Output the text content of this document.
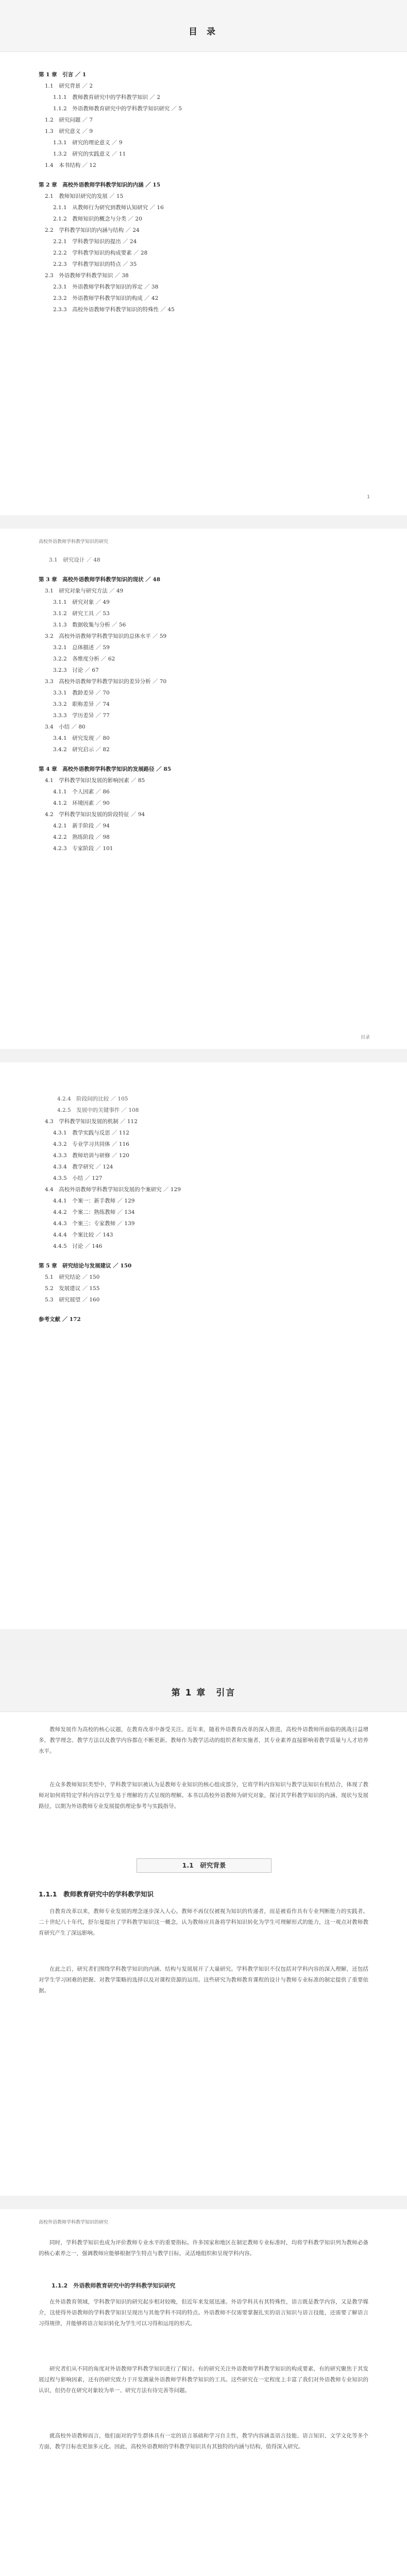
目 录
第 1 章　引言 ／ 1
1.1　研究背景 ／ 2
1.1.1　教师教育研究中的学科教学知识 ／ 2
1.1.2　外语教师教育研究中的学科教学知识研究 ／ 5
1.2　研究问题 ／ 7
1.3　研究意义 ／ 9
1.3.1　研究的理论意义 ／ 9
1.3.2　研究的实践意义 ／ 11
1.4　本书结构 ／ 12
第 2 章　高校外语教师学科教学知识的内涵 ／ 15
2.1　教师知识研究的发展 ／ 15
2.1.1　从教师行为研究到教师认知研究 ／ 16
2.1.2　教师知识的概念与分类 ／ 20
2.2　学科教学知识的内涵与结构 ／ 24
2.2.1　学科教学知识的提出 ／ 24
2.2.2　学科教学知识的构成要素 ／ 28
2.2.3　学科教学知识的特点 ／ 35
2.3　外语教师学科教学知识 ／ 38
2.3.1　外语教师学科教学知识的界定 ／ 38
2.3.2　外语教师学科教学知识的构成 ／ 42
2.3.3　高校外语教师学科教学知识的特殊性 ／ 45
1
高校外语教师学科教学知识的研究
3.1　研究设计 ／ 48
第 3 章　高校外语教师学科教学知识的现状 ／ 48
3.1　研究对象与研究方法 ／ 49
3.1.1　研究对象 ／ 49
3.1.2　研究工具 ／ 53
3.1.3　数据收集与分析 ／ 56
3.2　高校外语教师学科教学知识的总体水平 ／ 59
3.2.1　总体描述 ／ 59
3.2.2　各维度分析 ／ 62
3.2.3　讨论 ／ 67
3.3　高校外语教师学科教学知识的差异分析 ／ 70
3.3.1　教龄差异 ／ 70
3.3.2　职称差异 ／ 74
3.3.3　学历差异 ／ 77
3.4　小结 ／ 80
3.4.1　研究发现 ／ 80
3.4.2　研究启示 ／ 82
第 4 章　高校外语教师学科教学知识的发展路径 ／ 85
4.1　学科教学知识发展的影响因素 ／ 85
4.1.1　个人因素 ／ 86
4.1.2　环境因素 ／ 90
4.2　学科教学知识发展的阶段特征 ／ 94
4.2.1　新手阶段 ／ 94
4.2.2　熟练阶段 ／ 98
4.2.3　专家阶段 ／ 101
目录
4.2.4　阶段间的比较 ／ 105
4.2.5　发展中的关键事件 ／ 108
4.3　学科教学知识发展的机制 ／ 112
4.3.1　教学实践与反思 ／ 112
4.3.2　专业学习共同体 ／ 116
4.3.3　教师培训与研修 ／ 120
4.3.4　教学研究 ／ 124
4.3.5　小结 ／ 127
4.4　高校外语教师学科教学知识发展的个案研究 ／ 129
4.4.1　个案一：新手教师 ／ 129
4.4.2　个案二：熟练教师 ／ 134
4.4.3　个案三：专家教师 ／ 139
4.4.4　个案比较 ／ 143
4.4.5　讨论 ／ 146
第 5 章　研究结论与发展建议 ／ 150
5.1　研究结论 ／ 150
5.2　发展建议 ／ 155
5.3　研究展望 ／ 160
参考文献 ／ 172
第 1 章　引言
教师发展作为高校的核心议题，在教育改革中备受关注。近年来，随着外语教育改革的深入推进，高校外语教师所面临的挑战日益增多，教学理念、教学方法以及教学内容都在不断更新。教师作为教学活动的组织者和实施者，其专业素养直接影响着教学质量与人才培养水平。
在众多教师知识类型中，学科教学知识被认为是教师专业知识的核心组成部分，它将学科内容知识与教学法知识有机结合，体现了教师对如何将特定学科内容以学生易于理解的方式呈现的理解。本书以高校外语教师为研究对象，探讨其学科教学知识的内涵、现状与发展路径，以期为外语教师专业发展提供理论参考与实践指导。
1.1　研究背景
1.1.1　教师教育研究中的学科教学知识
自教育改革以来，教师专业发展的理念逐步深入人心。教师不再仅仅被视为知识的传递者，而是被看作具有专业判断能力的实践者。二十世纪八十年代，舒尔曼提出了学科教学知识这一概念，认为教师应具备将学科知识转化为学生可理解形式的能力，这一观点对教师教育研究产生了深远影响。
在此之后，研究者们围绕学科教学知识的内涵、结构与发展展开了大量研究。学科教学知识不仅包括对学科内容的深入理解，还包括对学生学习困难的把握、对教学策略的选择以及对课程资源的运用。这些研究为教师教育课程的设计与教师专业标准的制定提供了重要依据。
高校外语教师学科教学知识的研究
同时，学科教学知识也成为评价教师专业水平的重要指标。许多国家和地区在制定教师专业标准时，均将学科教学知识列为教师必备的核心素养之一，强调教师应能够根据学生特点与教学目标，灵活地组织和呈现学科内容。
1.1.2　外语教师教育研究中的学科教学知识研究
在外语教育领域，学科教学知识的研究起步相对较晚，但近年来发展迅速。外语学科具有其特殊性，语言既是教学内容，又是教学媒介，这使得外语教师的学科教学知识呈现出与其他学科不同的特点。外语教师不仅需要掌握扎实的语言知识与语言技能，还需要了解语言习得规律，并能够将语言知识转化为学生可以习得和运用的形式。
研究者们从不同的角度对外语教师学科教学知识进行了探讨。有的研究关注外语教师学科教学知识的构成要素，有的研究聚焦于其发展过程与影响因素，还有的研究致力于开发测量外语教师学科教学知识的工具。这些研究在一定程度上丰富了我们对外语教师专业知识的认识，但仍存在研究对象较为单一、研究方法有待完善等问题。
就高校外语教师而言，他们面对的学生群体具有一定的语言基础和学习自主性，教学内容涵盖语言技能、语言知识、文学文化等多个方面，教学目标也更加多元化。因此，高校外语教师的学科教学知识具有其独特的内涵与结构，值得深入研究。
